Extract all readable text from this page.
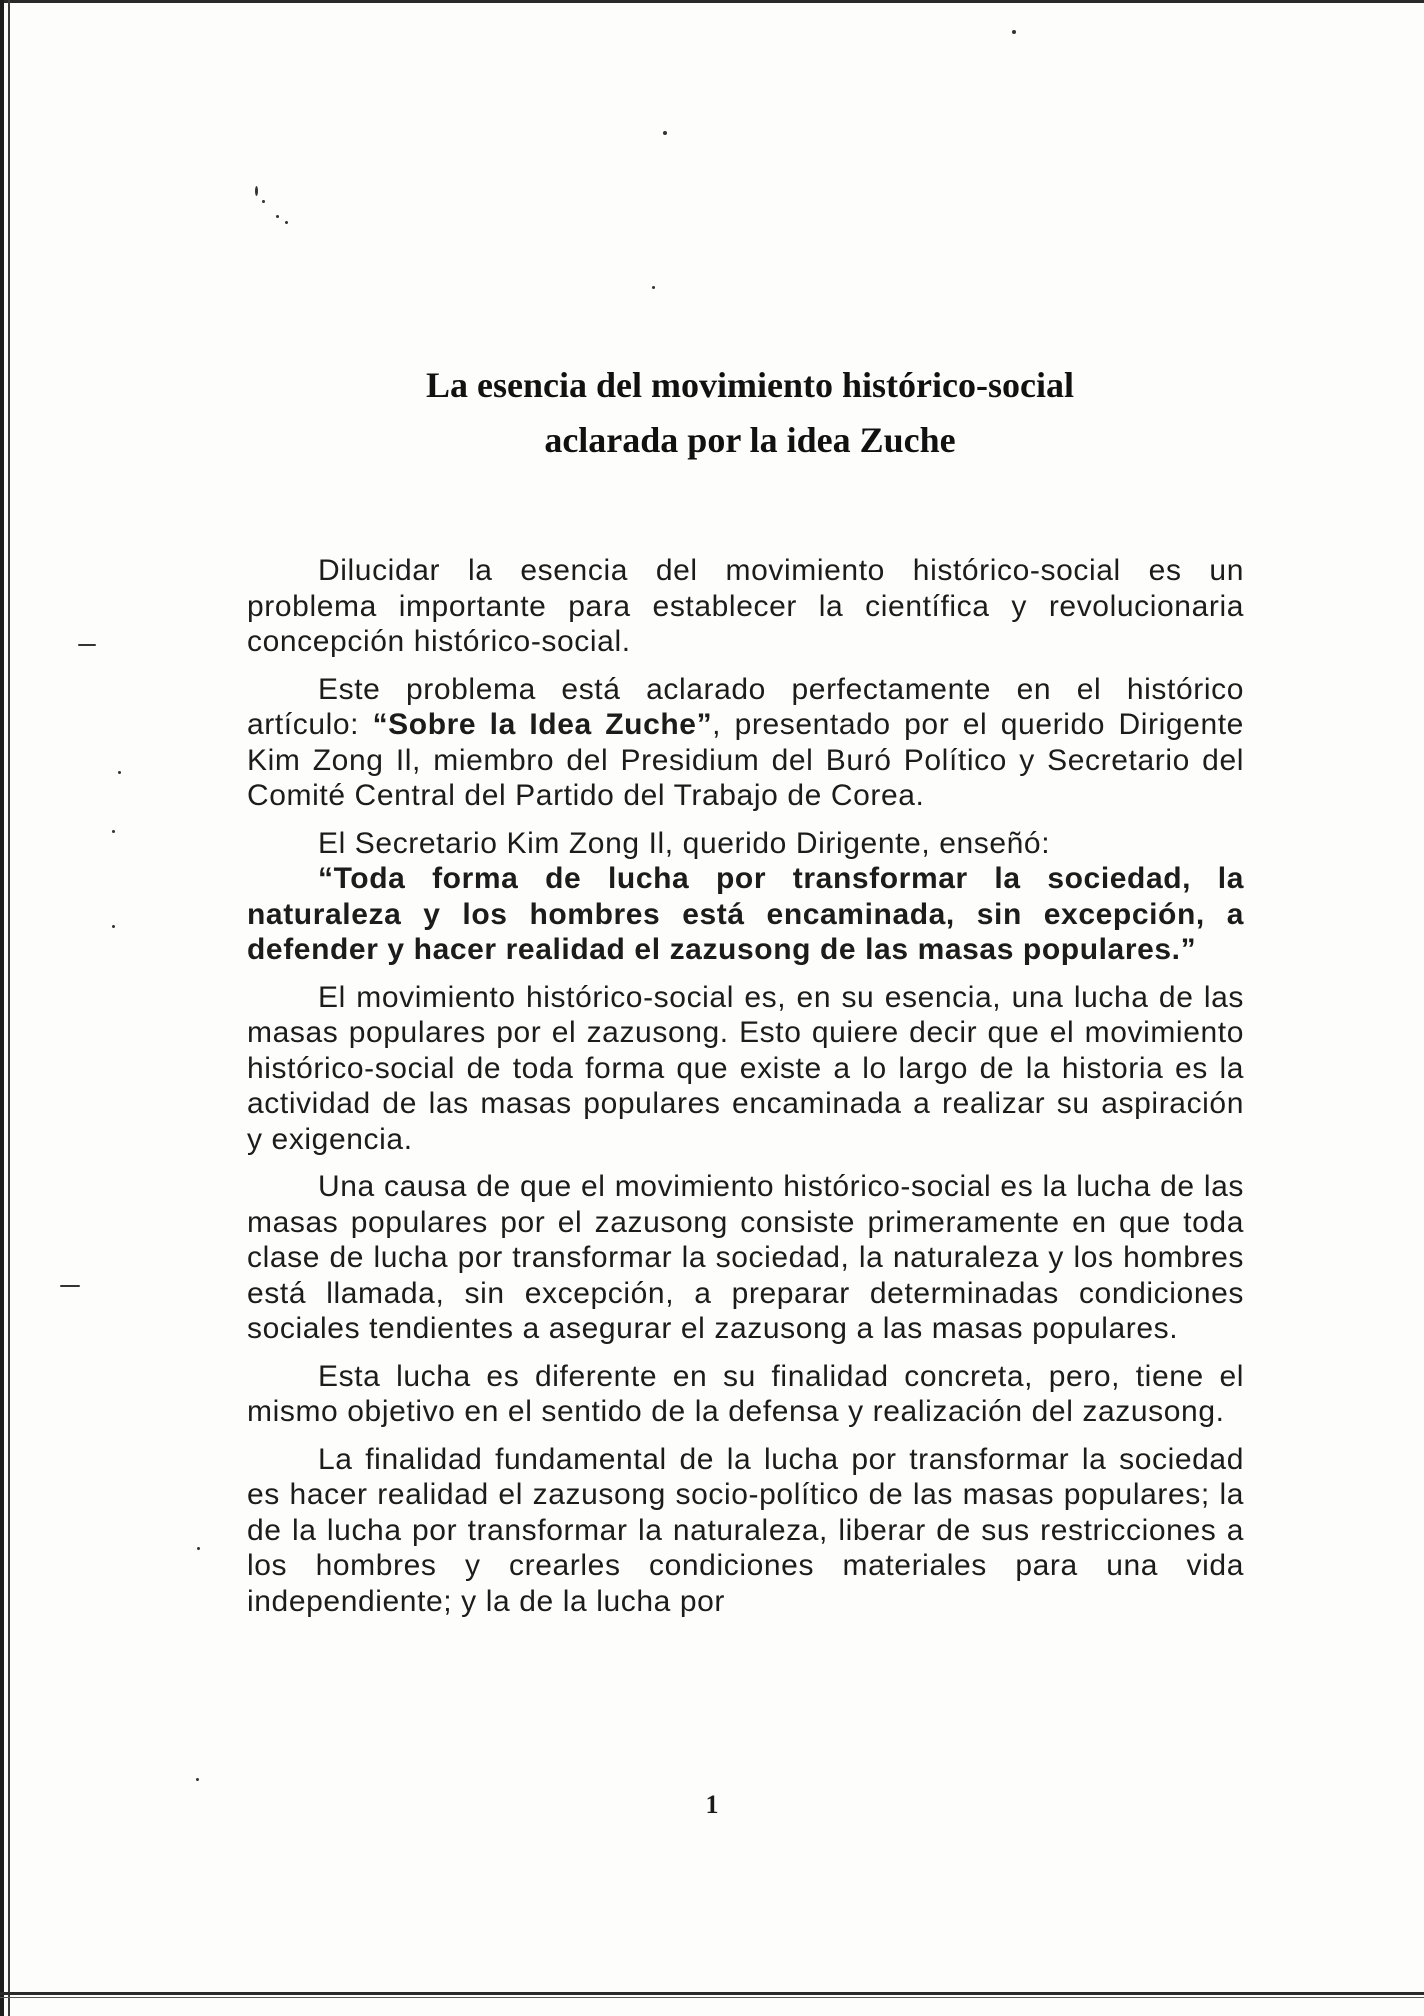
La esencia del movimiento histórico-social
aclarada por la idea Zuche

Dilucidar la esencia del movimiento histórico-social es un problema importante para establecer la científica y revolucionaria concepción histórico-social.

Este problema está aclarado perfectamente en el histórico artículo: “Sobre la Idea Zuche”, presentado por el querido Dirigente Kim Zong Il, miembro del Presidium del Buró Político y Secretario del Comité Central del Partido del Trabajo de Corea.

El Secretario Kim Zong Il, querido Dirigente, enseñó:

“Toda forma de lucha por transformar la sociedad, la naturaleza y los hombres está encaminada, sin excepción, a defender y hacer realidad el zazusong de las masas populares.”

El movimiento histórico-social es, en su esencia, una lucha de las masas populares por el zazusong. Esto quiere decir que el movimiento histórico-social de toda forma que existe a lo largo de la historia es la actividad de las masas populares encaminada a realizar su aspiración y exigencia.

Una causa de que el movimiento histórico-social es la lucha de las masas populares por el zazusong consiste primeramente en que toda clase de lucha por transformar la sociedad, la naturaleza y los hombres está llamada, sin excepción, a preparar determinadas condiciones sociales tendientes a asegurar el zazusong a las masas populares.

Esta lucha es diferente en su finalidad concreta, pero, tiene el mismo objetivo en el sentido de la defensa y realización del zazusong.

La finalidad fundamental de la lucha por transformar la sociedad es hacer realidad el zazusong socio-político de las masas populares; la de la lucha por transformar la naturaleza, liberar de sus restricciones a los hombres y crearles condiciones materiales para una vida independiente; y la de la lucha por

1
